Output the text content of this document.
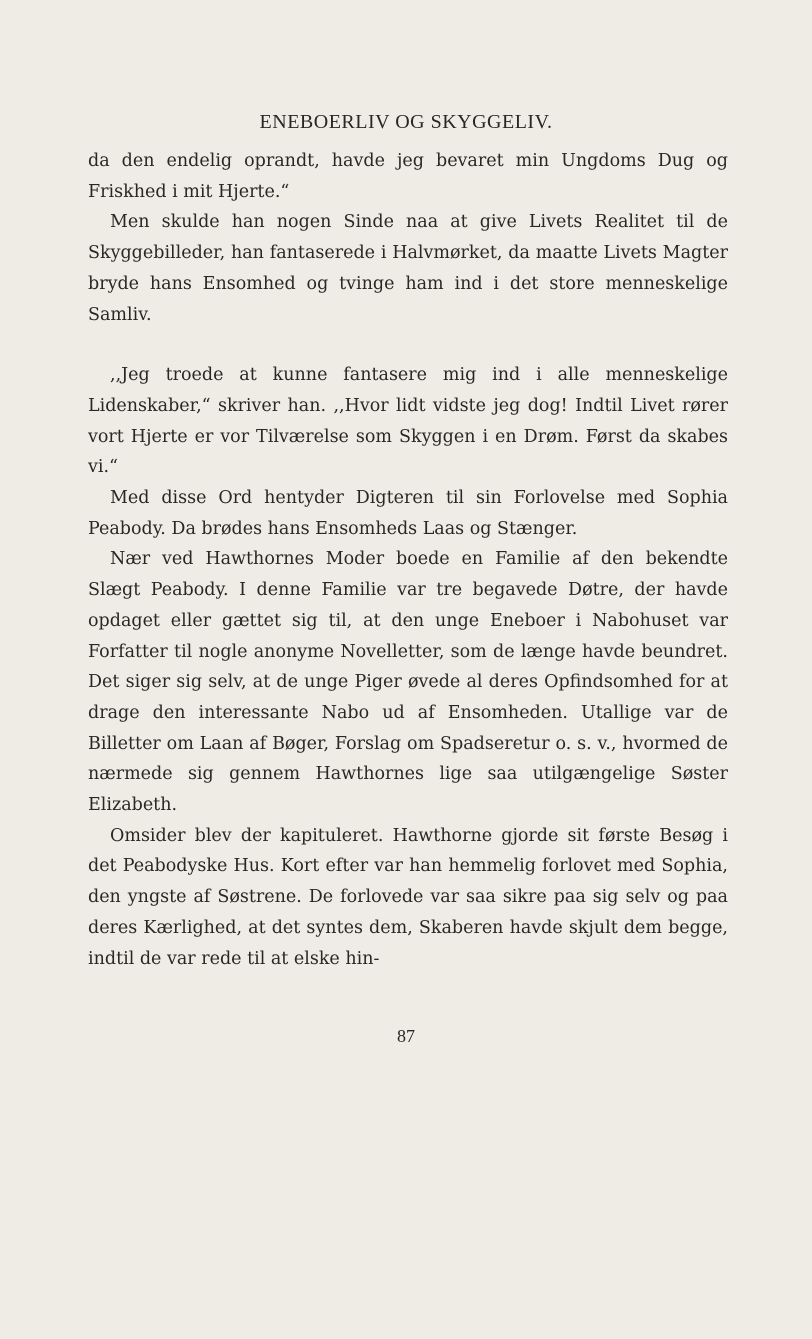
ENEBOERLIV OG SKYGGELIV.

da den endelig oprandt, havde jeg bevaret min Ungdoms Dug og Friskhed i mit Hjerte.“

Men skulde han nogen Sinde naa at give Livets Realitet til de Skyggebilleder, han fantaserede i Halvmørket, da maatte Livets Magter bryde hans Ensomhed og tvinge ham ind i det store menneskelige Samliv.

,,Jeg troede at kunne fantasere mig ind i alle menneskelige Lidenskaber,“ skriver han. ,,Hvor lidt vidste jeg dog! Indtil Livet rører vort Hjerte er vor Tilværelse som Skyggen i en Drøm. Først da skabes vi.“

Med disse Ord hentyder Digteren til sin Forlovelse med Sophia Peabody. Da brødes hans Ensomheds Laas og Stænger.

Nær ved Hawthornes Moder boede en Familie af den bekendte Slægt Peabody. I denne Familie var tre begavede Døtre, der havde opdaget eller gættet sig til, at den unge Eneboer i Nabohuset var Forfatter til nogle anonyme Novelletter, som de længe havde beundret. Det siger sig selv, at de unge Piger øvede al deres Opfindsomhed for at drage den interessante Nabo ud af Ensomheden. Utallige var de Billetter om Laan af Bøger, Forslag om Spadseretur o. s. v., hvormed de nærmede sig gennem Hawthornes lige saa utilgængelige Søster Elizabeth.

Omsider blev der kapituleret. Hawthorne gjorde sit første Besøg i det Peabodyske Hus. Kort efter var han hemmelig forlovet med Sophia, den yngste af Søstrene. De forlovede var saa sikre paa sig selv og paa deres Kærlighed, at det syntes dem, Skaberen havde skjult dem begge, indtil de var rede til at elske hin-

87
